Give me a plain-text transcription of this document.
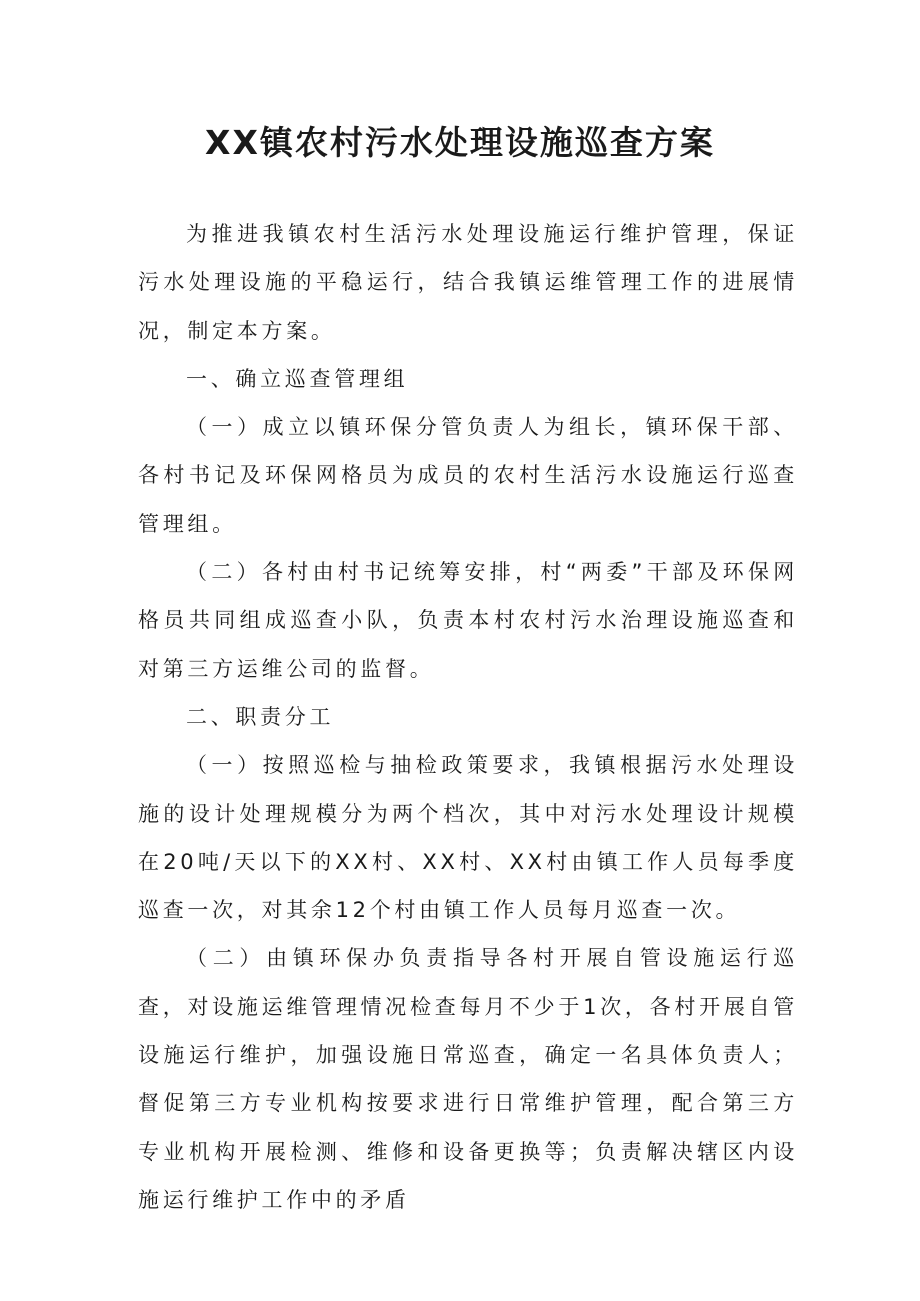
XX镇农村污水处理设施巡查方案

为推进我镇农村生活污水处理设施运行维护管理，保证污水处理设施的平稳运行，结合我镇运维管理工作的进展情况，制定本方案。

一、确立巡查管理组

（一）成立以镇环保分管负责人为组长，镇环保干部、各村书记及环保网格员为成员的农村生活污水设施运行巡查管理组。

（二）各村由村书记统筹安排，村“两委”干部及环保网格员共同组成巡查小队，负责本村农村污水治理设施巡查和对第三方运维公司的监督。

二、职责分工

（一）按照巡检与抽检政策要求，我镇根据污水处理设施的设计处理规模分为两个档次，其中对污水处理设计规模在20吨/天以下的XX村、XX村、XX村由镇工作人员每季度巡查一次，对其余12个村由镇工作人员每月巡查一次。

（二）由镇环保办负责指导各村开展自管设施运行巡查，对设施运维管理情况检查每月不少于1次，各村开展自管设施运行维护，加强设施日常巡查，确定一名具体负责人；督促第三方专业机构按要求进行日常维护管理，配合第三方专业机构开展检测、维修和设备更换等；负责解决辖区内设施运行维护工作中的矛盾
